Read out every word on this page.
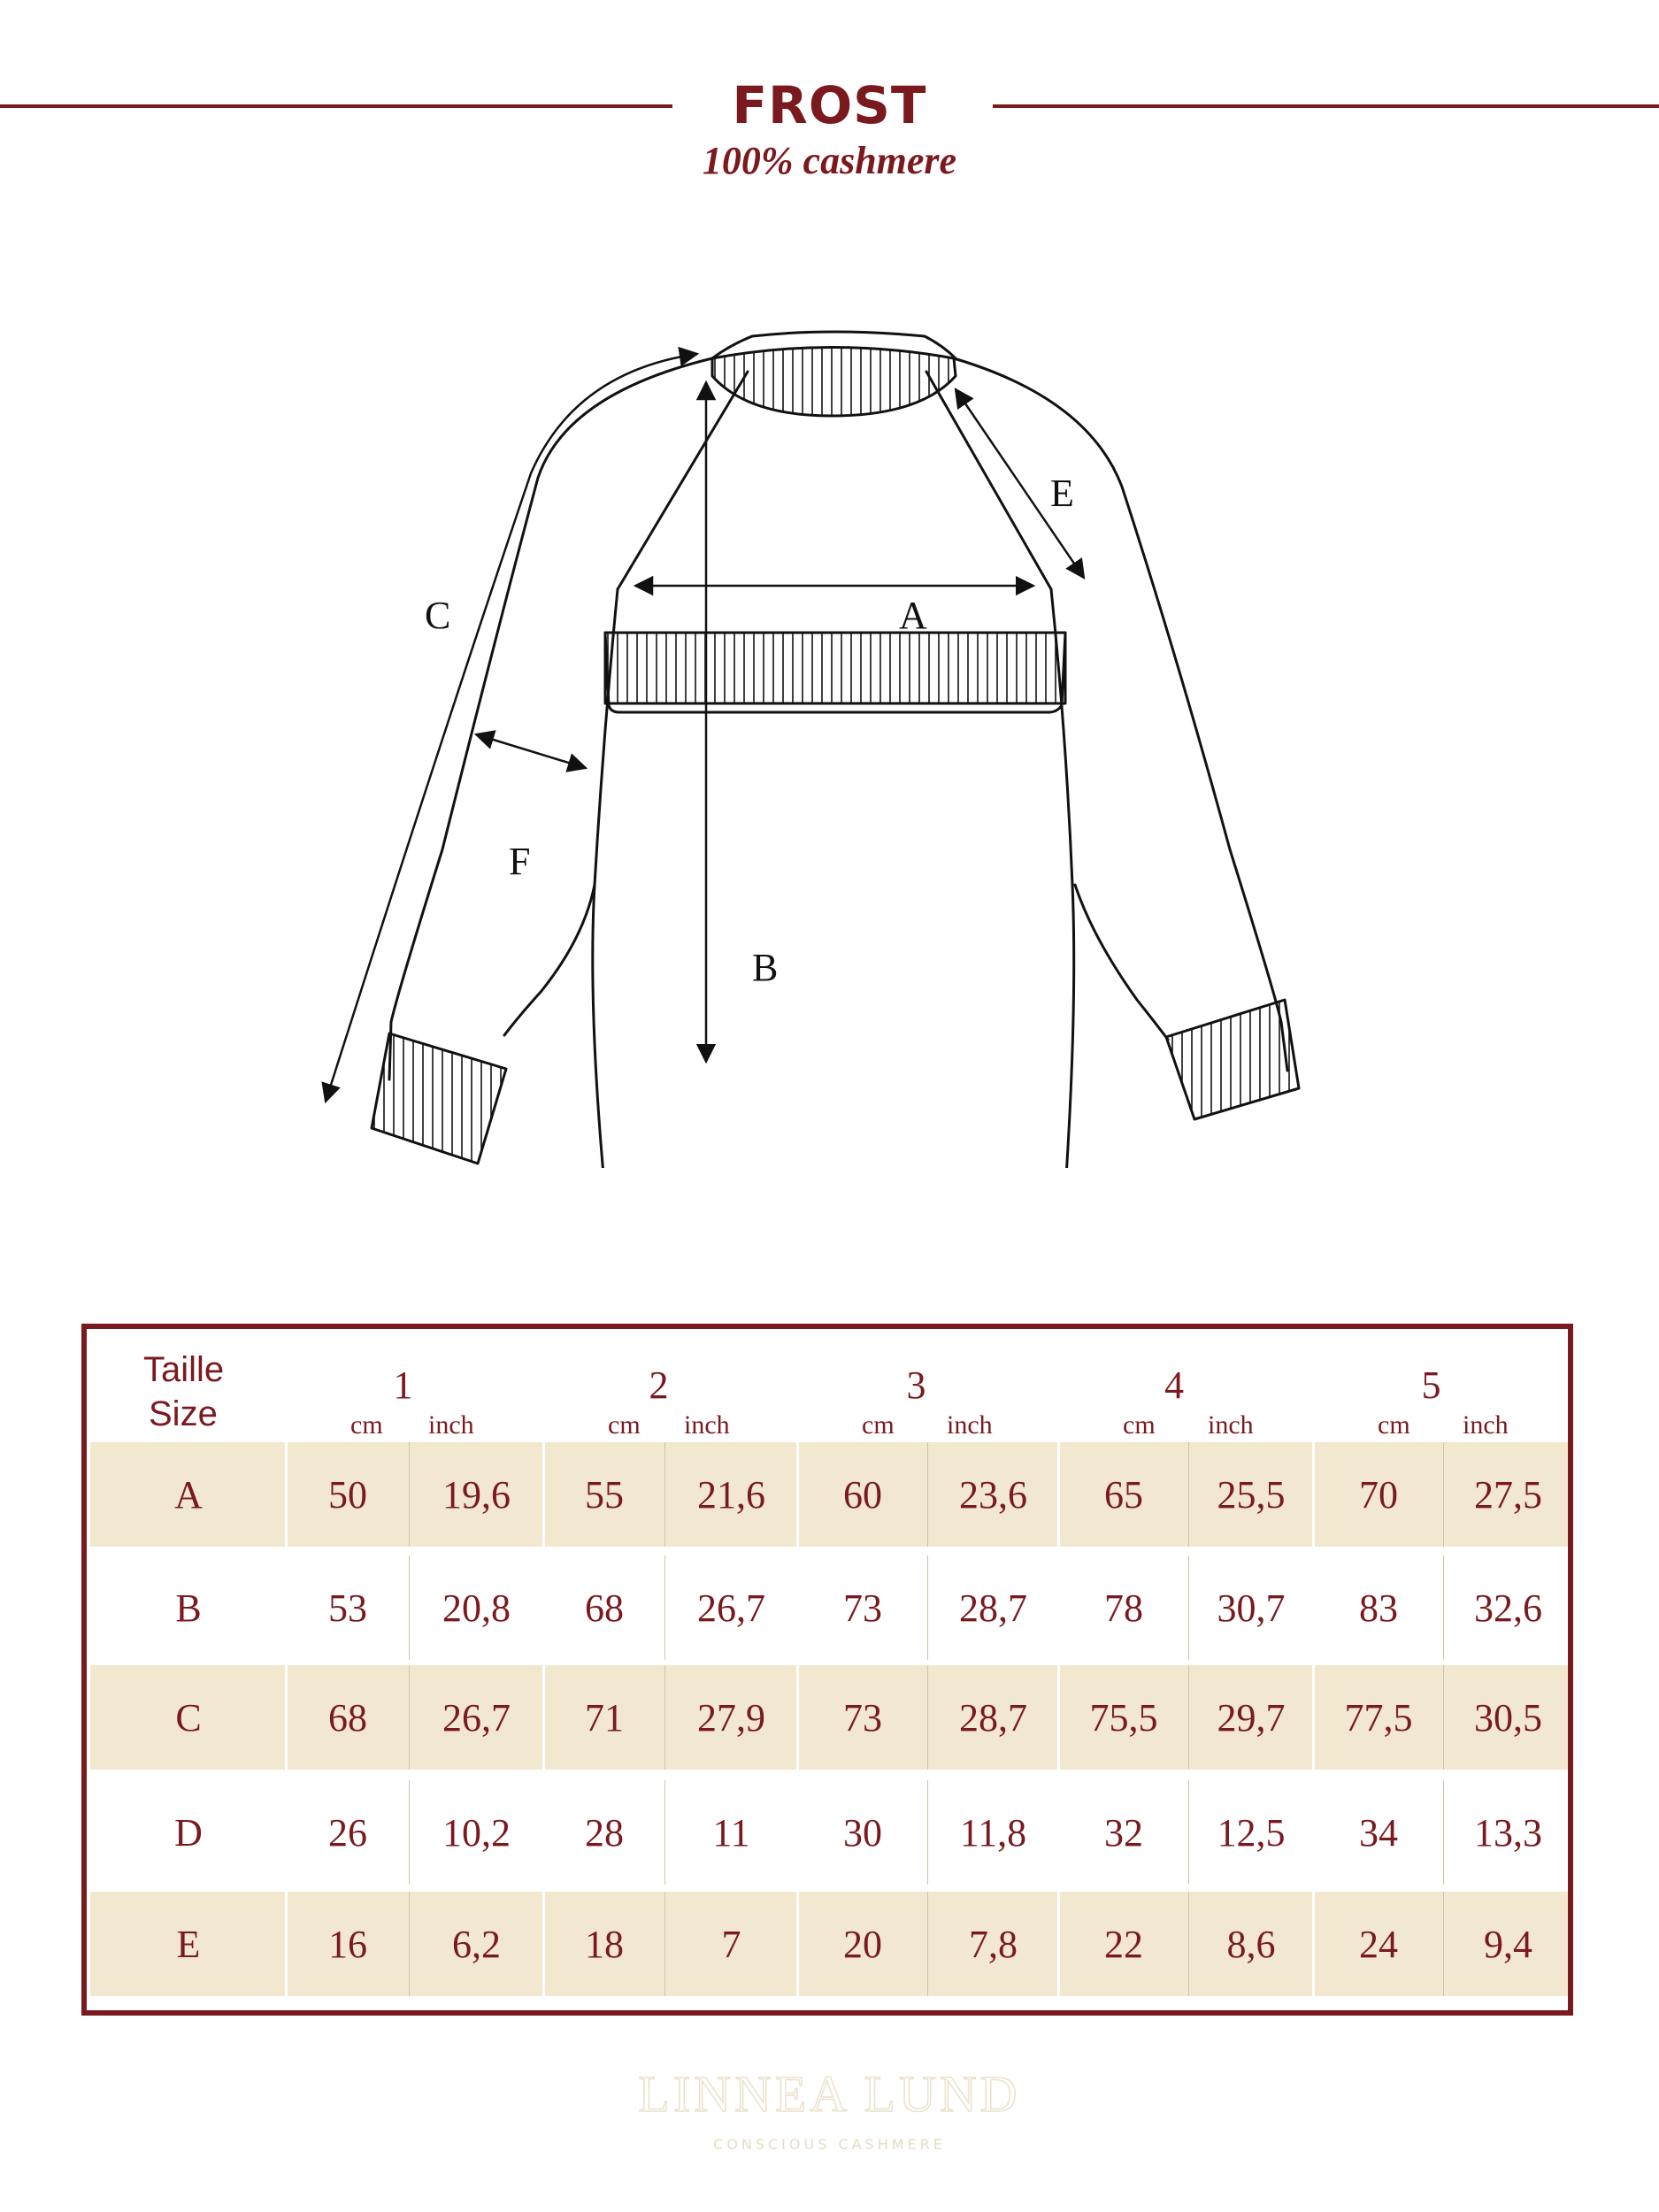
FROST
100% cashmere
A
B
C
E
F
Taille
Size
1
cm inch
2
cm inch
3
cm inch
4
cm inch
5
cm inch
A	50	19,6	55	21,6	60	23,6	65	25,5	70	27,5
B	53	20,8	68	26,7	73	28,7	78	30,7	83	32,6
C	68	26,7	71	27,9	73	28,7	75,5	29,7	77,5	30,5
D	26	10,2	28	11	30	11,8	32	12,5	34	13,3
E	16	6,2	18	7	20	7,8	22	8,6	24	9,4
LINNEA LUND
CONSCIOUS CASHMERE
